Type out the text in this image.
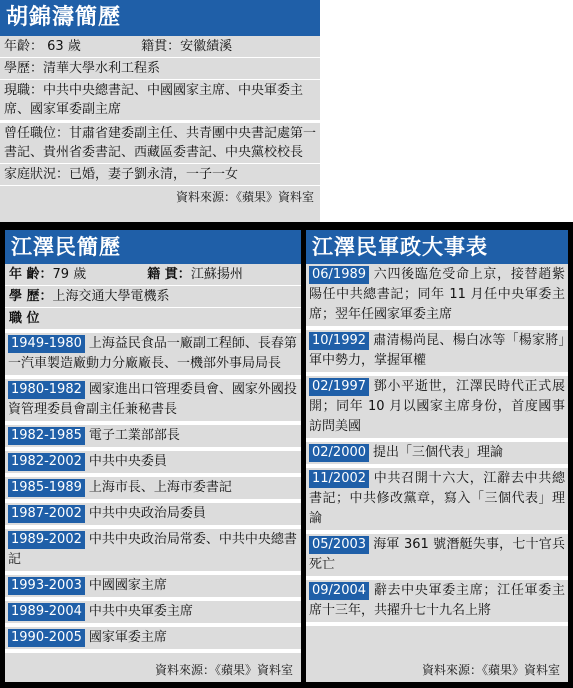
胡錦濤簡歷
年齡： 63 歲	籍貫：安徽績溪
學歷：清華大學水利工程系
現職：中共中央總書記、中國國家主席、中央軍委主席、國家軍委副主席
曾任職位：甘肅省建委副主任、共青團中央書記處第一書記、貴州省委書記、西藏區委書記、中央黨校校長
家庭狀況：已婚，妻子劉永清，一子一女
資料來源：《蘋果》資料室
江澤民簡歷
年 齡：79 歲	籍 貫：江蘇揚州
學 歷：上海交通大學電機系
職 位
1949-1980 上海益民食品一廠副工程師、長春第一汽車製造廠動力分廠廠長、一機部外事局局長
1980-1982 國家進出口管理委員會、國家外國投資管理委員會副主任兼秘書長
1982-1985 電子工業部部長
1982-2002 中共中央委員
1985-1989 上海市長、上海市委書記
1987-2002 中共中央政治局委員
1989-2002 中共中央政治局常委、中共中央總書記
1993-2003 中國國家主席
1989-2004 中共中央軍委主席
1990-2005 國家軍委主席
資料來源：《蘋果》資料室
江澤民軍政大事表
06/1989 六四後臨危受命上京，接替趙紫陽任中共總書記；同年 11 月任中央軍委主席；翌年任國家軍委主席
10/1992 肅清楊尚昆、楊白冰等「楊家將」軍中勢力，掌握軍權
02/1997 鄧小平逝世，江澤民時代正式展開；同年 10 月以國家主席身份，首度國事訪問美國
02/2000 提出「三個代表」理論
11/2002 中共召開十六大，江辭去中共總書記；中共修改黨章，寫入「三個代表」理論
05/2003 海軍 361 號潛艇失事，七十官兵死亡
09/2004 辭去中央軍委主席；江任軍委主席十三年，共擢升七十九名上將
資料來源：《蘋果》資料室
